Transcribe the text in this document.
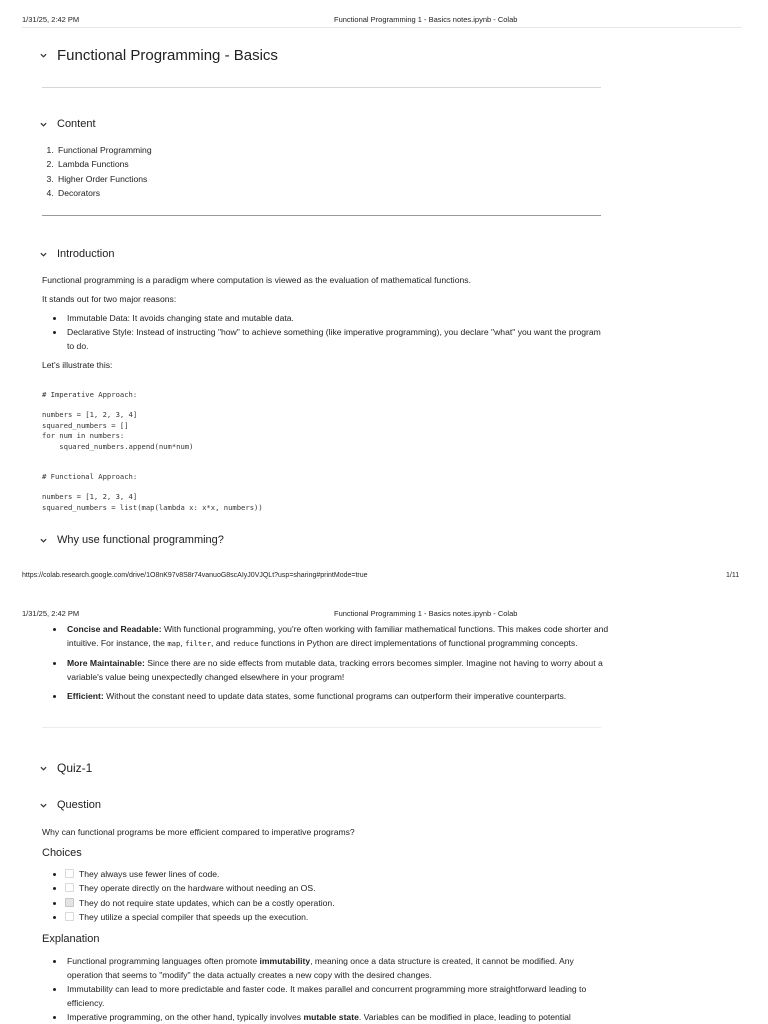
1/31/25, 2:42 PM	Functional Programming 1 - Basics notes.ipynb - Colab
Functional Programming - Basics
Content
1. Functional Programming
2. Lambda Functions
3. Higher Order Functions
4. Decorators
Introduction
Functional programming is a paradigm where computation is viewed as the evaluation of mathematical functions.
It stands out for two major reasons:
• Immutable Data: It avoids changing state and mutable data.
• Declarative Style: Instead of instructing "how" to achieve something (like imperative programming), you declare "what" you want the program to do.
Let's illustrate this:
# Imperative Approach:
numbers = [1, 2, 3, 4]
squared_numbers = []
for num in numbers:
squared_numbers.append(num*num)
# Functional Approach:
numbers = [1, 2, 3, 4]
squared_numbers = list(map(lambda x: x*x, numbers))
Why use functional programming?
https://colab.research.google.com/drive/1O8nK97v8S8r74vanuoG8scAIyJ0VJQLt?usp=sharing#printMode=true	1/11
1/31/25, 2:42 PM	Functional Programming 1 - Basics notes.ipynb - Colab
• Concise and Readable: With functional programming, you're often working with familiar mathematical functions. This makes code shorter and intuitive. For instance, the map, filter, and reduce functions in Python are direct implementations of functional programming concepts.
• More Maintainable: Since there are no side effects from mutable data, tracking errors becomes simpler. Imagine not having to worry about a variable's value being unexpectedly changed elsewhere in your program!
• Efficient: Without the constant need to update data states, some functional programs can outperform their imperative counterparts.
Quiz-1
Question
Why can functional programs be more efficient compared to imperative programs?
Choices
• They always use fewer lines of code.
• They operate directly on the hardware without needing an OS.
• They do not require state updates, which can be a costly operation.
• They utilize a special compiler that speeds up the execution.
Explanation
• Functional programming languages often promote immutability, meaning once a data structure is created, it cannot be modified. Any operation that seems to "modify" the data actually creates a new copy with the desired changes.
• Immutability can lead to more predictable and faster code. It makes parallel and concurrent programming more straightforward leading to efficiency.
• Imperative programming, on the other hand, typically involves mutable state. Variables can be modified in place, leading to potential
